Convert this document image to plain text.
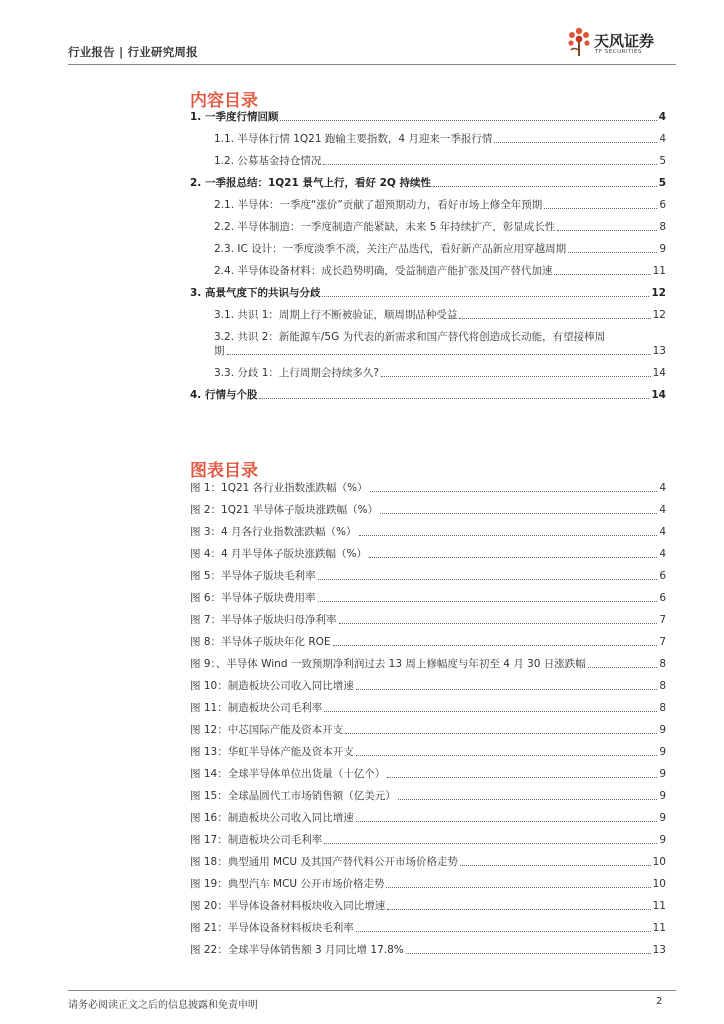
行业报告 | 行业研究周报
天风证券
TF SECURITIES
内容目录
1. 一季度行情回顾	4
1.1. 半导体行情 1Q21 跑输主要指数，4 月迎来一季报行情	4
1.2. 公募基金持仓情况	5
2. 一季报总结：1Q21 景气上行，看好 2Q 持续性	5
2.1. 半导体：一季度“涨价”贡献了超预期动力，看好市场上修全年预期	6
2.2. 半导体制造：一季度制造产能紧缺，未来 5 年持续扩产，彰显成长性	8
2.3. IC 设计：一季度淡季不淡，关注产品迭代，看好新产品新应用穿越周期	9
2.4. 半导体设备材料：成长趋势明确，受益制造产能扩张及国产替代加速	11
3. 高景气度下的共识与分歧	12
3.1. 共识 1：周期上行不断被验证，顺周期品种受益	12
3.2. 共识 2：新能源车/5G 为代表的新需求和国产替代将创造成长动能，有望接棒周
期	13
3.3. 分歧 1：上行周期会持续多久?	14
4. 行情与个股	14
图表目录
图 1：1Q21 各行业指数涨跌幅（%）	4
图 2：1Q21 半导体子版块涨跌幅（%）	4
图 3：4 月各行业指数涨跌幅（%）	4
图 4：4 月半导体子版块涨跌幅（%）	4
图 5：半导体子版块毛利率	6
图 6：半导体子版块费用率	6
图 7：半导体子版块归母净利率	7
图 8：半导体子版块年化 ROE	7
图 9：、半导体 Wind 一致预期净利润过去 13 周上修幅度与年初至 4 月 30 日涨跌幅	8
图 10：制造板块公司收入同比增速	8
图 11：制造板块公司毛利率	8
图 12：中芯国际产能及资本开支	9
图 13：华虹半导体产能及资本开支	9
图 14：全球半导体单位出货量（十亿个）	9
图 15：全球晶圆代工市场销售额（亿美元）	9
图 16：制造板块公司收入同比增速	9
图 17：制造板块公司毛利率	9
图 18：典型通用 MCU 及其国产替代料公开市场价格走势	10
图 19：典型汽车 MCU 公开市场价格走势	10
图 20：半导体设备材料板块收入同比增速	11
图 21：半导体设备材料板块毛利率	11
图 22：全球半导体销售额 3 月同比增 17.8%	13
请务必阅读正文之后的信息披露和免责申明	2
